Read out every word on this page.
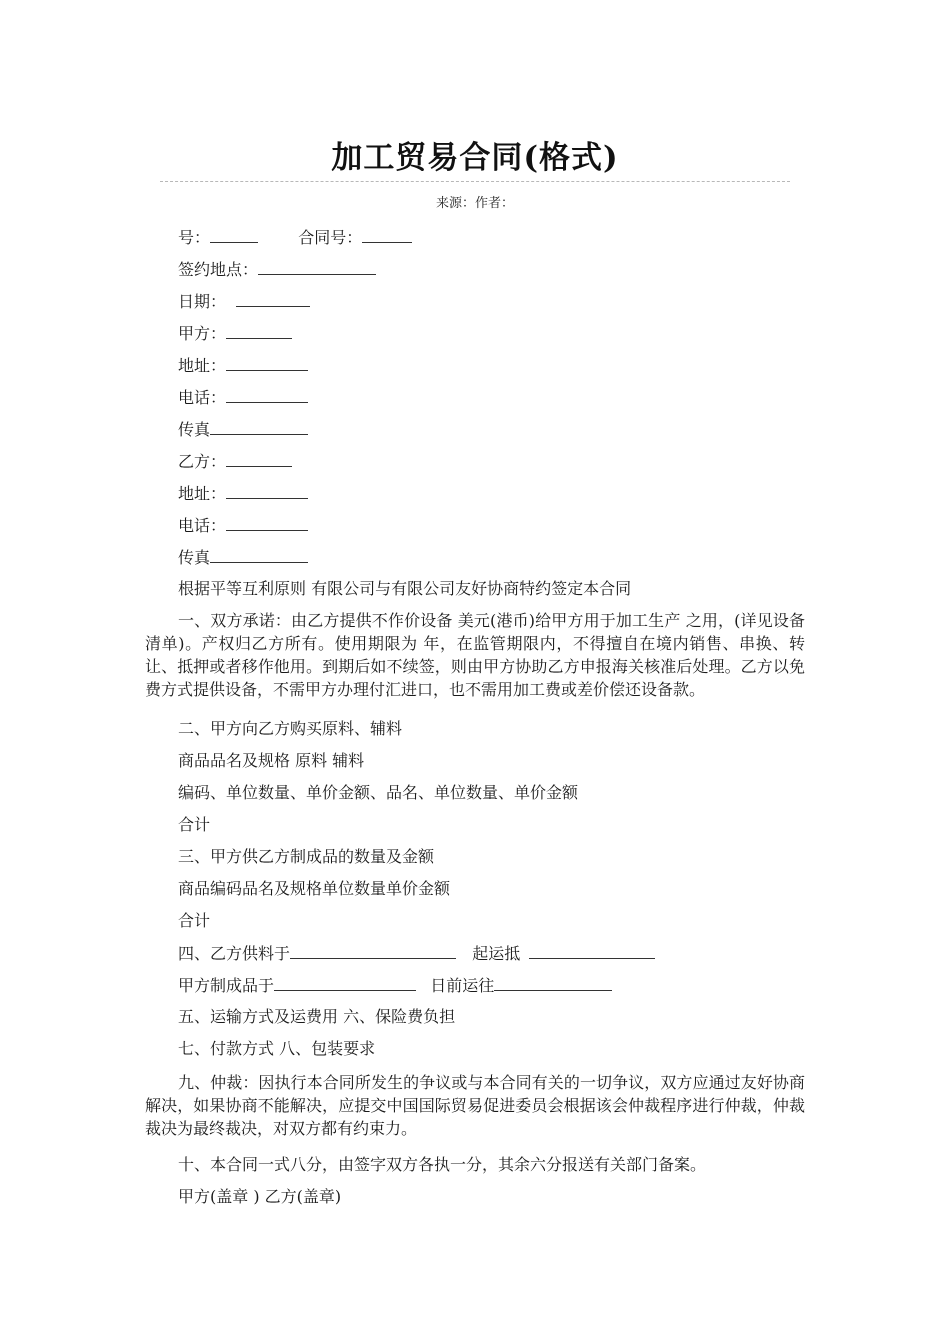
加工贸易合同(格式)
来源：作者：
号：	合同号：
签约地点：
日期：
甲方：
地址：
电话：
传真
乙方：
地址：
电话：
传真
根据平等互利原则 有限公司与有限公司友好协商特约签定本合同
一、双方承诺：由乙方提供不作价设备 美元(港币)给甲方用于加工生产 之用，(详见设备清单)。产权归乙方所有。使用期限为 年，在监管期限内，不得擅自在境内销售、串换、转让、抵押或者移作他用。到期后如不续签，则由甲方协助乙方申报海关核准后处理。乙方以免费方式提供设备，不需甲方办理付汇进口，也不需用加工费或差价偿还设备款。
二、甲方向乙方购买原料、辅料
商品品名及规格 原料 辅料
编码、单位数量、单价金额、品名、单位数量、单价金额
合计
三、甲方供乙方制成品的数量及金额
商品编码品名及规格单位数量单价金额
合计
四、乙方供料于	起运抵
甲方制成品于	日前运往
五、运输方式及运费用 六、保险费负担
七、付款方式 八、包装要求
九、仲裁：因执行本合同所发生的争议或与本合同有关的一切争议，双方应通过友好协商解决，如果协商不能解决，应提交中国国际贸易促进委员会根据该会仲裁程序进行仲裁，仲裁裁决为最终裁决，对双方都有约束力。
十、本合同一式八分，由签字双方各执一分，其余六分报送有关部门备案。
甲方(盖章 ) 乙方(盖章)
